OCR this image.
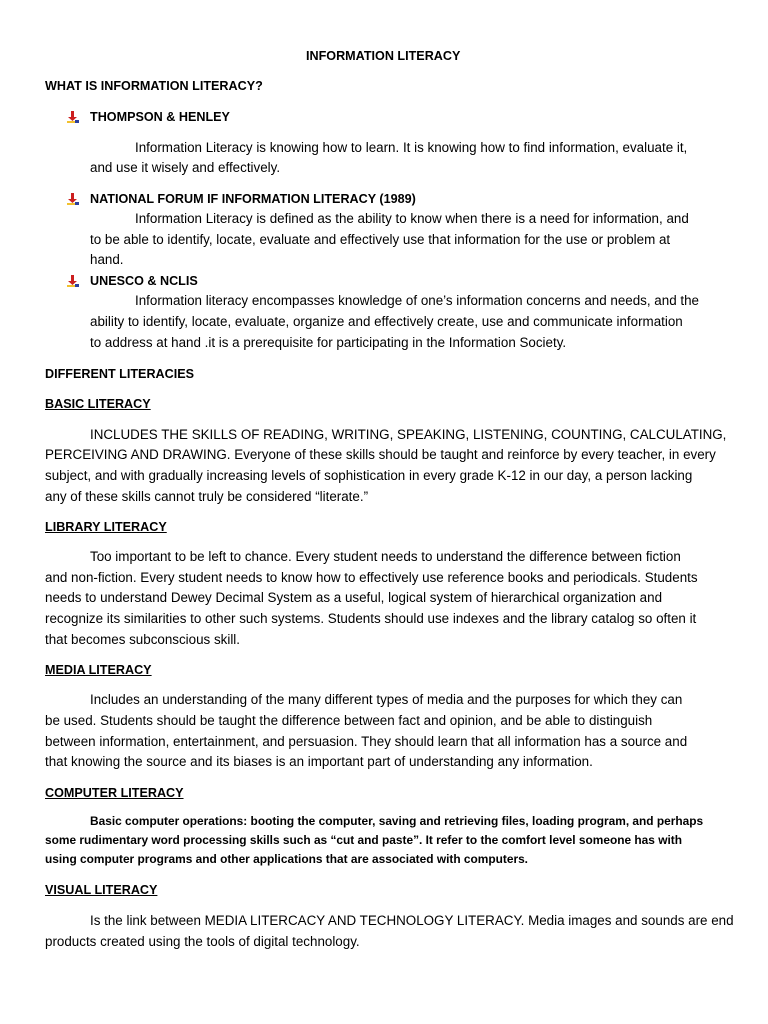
INFORMATION LITERACY

WHAT IS INFORMATION LITERACY?

THOMPSON & HENLEY

Information Literacy is knowing how to learn. It is knowing how to find information, evaluate it,

and use it wisely and effectively.

NATIONAL FORUM IF INFORMATION LITERACY (1989)

Information Literacy is defined as the ability to know when there is a need for information, and

to be able to identify, locate, evaluate and effectively use that information for the use or problem at

hand.

UNESCO & NCLIS

Information literacy encompasses knowledge of one’s information concerns and needs, and the

ability to identify, locate, evaluate, organize and effectively create, use and communicate information

to address at hand .it is a prerequisite for participating in the Information Society.

DIFFERENT LITERACIES

BASIC LITERACY

INCLUDES THE SKILLS OF READING, WRITING, SPEAKING, LISTENING, COUNTING, CALCULATING,

PERCEIVING AND DRAWING. Everyone of these skills should be taught and reinforce by every teacher, in every

subject, and with gradually increasing levels of sophistication in every grade K-12 in our day, a person lacking

any of these skills cannot truly be considered “literate.”

LIBRARY LITERACY

Too important to be left to chance. Every student needs to understand the difference between fiction

and non-fiction. Every student needs to know how to effectively use reference books and periodicals. Students

needs to understand Dewey Decimal System as a useful, logical system of hierarchical organization and

recognize its similarities to other such systems. Students should use indexes and the library catalog so often it

that becomes subconscious skill.

MEDIA LITERACY

Includes an understanding of the many different types of media and the purposes for which they can

be used. Students should be taught the difference between fact and opinion, and be able to distinguish

between information, entertainment, and persuasion. They should learn that all information has a source and

that knowing the source and its biases is an important part of understanding any information.

COMPUTER LITERACY

Basic computer operations: booting the computer, saving and retrieving files, loading program, and perhaps

some rudimentary word processing skills such as “cut and paste”. It refer to the comfort level someone has with

using computer programs and other applications that are associated with computers.

VISUAL LITERACY

Is the link between MEDIA LITERCACY AND TECHNOLOGY LITERACY. Media images and sounds are end

products created using the tools of digital technology.
